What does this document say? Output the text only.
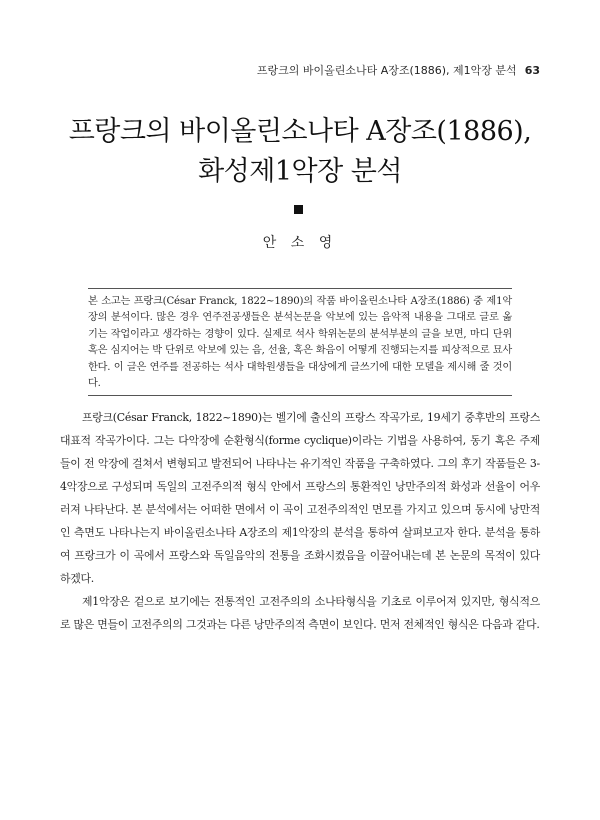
프랑크의 바이올린소나타 A장조(1886), 제1악장 분석 63
프랑크의 바이올린소나타 A장조(1886),
화성제1악장 분석
안 소 영
본 소고는 프랑크(César Franck, 1822~1890)의 작품 바이올린소나타 A장조(1886) 중 제1악장의 분석이다. 많은 경우 연주전공생들은 분석논문을 악보에 있는 음악적 내용을 그대로 글로 옮기는 작업이라고 생각하는 경향이 있다. 실제로 석사 학위논문의 분석부분의 글을 보면, 마디 단위 혹은 심지어는 박 단위로 악보에 있는 음, 선율, 혹은 화음이 어떻게 진행되는지를 피상적으로 묘사한다. 이 글은 연주를 전공하는 석사 대학원생들을 대상에게 글쓰기에 대한 모델을 제시해 줄 것이다.

프랑크(César Franck, 1822~1890)는 벨기에 출신의 프랑스 작곡가로, 19세기 중후반의 프랑스 대표적 작곡가이다. 그는 다악장에 순환형식(forme cyclique)이라는 기법을 사용하여, 동기 혹은 주제들이 전 악장에 걸쳐서 변형되고 발전되어 나타나는 유기적인 작품을 구축하였다. 그의 후기 작품들은 3-4악장으로 구성되며 독일의 고전주의적 형식 안에서 프랑스의 통환적인 낭만주의적 화성과 선율이 어우러져 나타난다. 본 분석에서는 어떠한 면에서 이 곡이 고전주의적인 면모를 가지고 있으며 동시에 낭만적인 측면도 나타나는지 바이올린소나타 A장조의 제1악장의 분석을 통하여 살펴보고자 한다. 분석을 통하여 프랑크가 이 곡에서 프랑스와 독일음악의 전통을 조화시켰음을 이끌어내는데 본 논문의 목적이 있다 하겠다.

제1악장은 겉으로 보기에는 전통적인 고전주의의 소나타형식을 기초로 이루어져 있지만, 형식적으로 많은 면들이 고전주의의 그것과는 다른 낭만주의적 측면이 보인다. 먼저 전체적인 형식은 다음과 같다.
